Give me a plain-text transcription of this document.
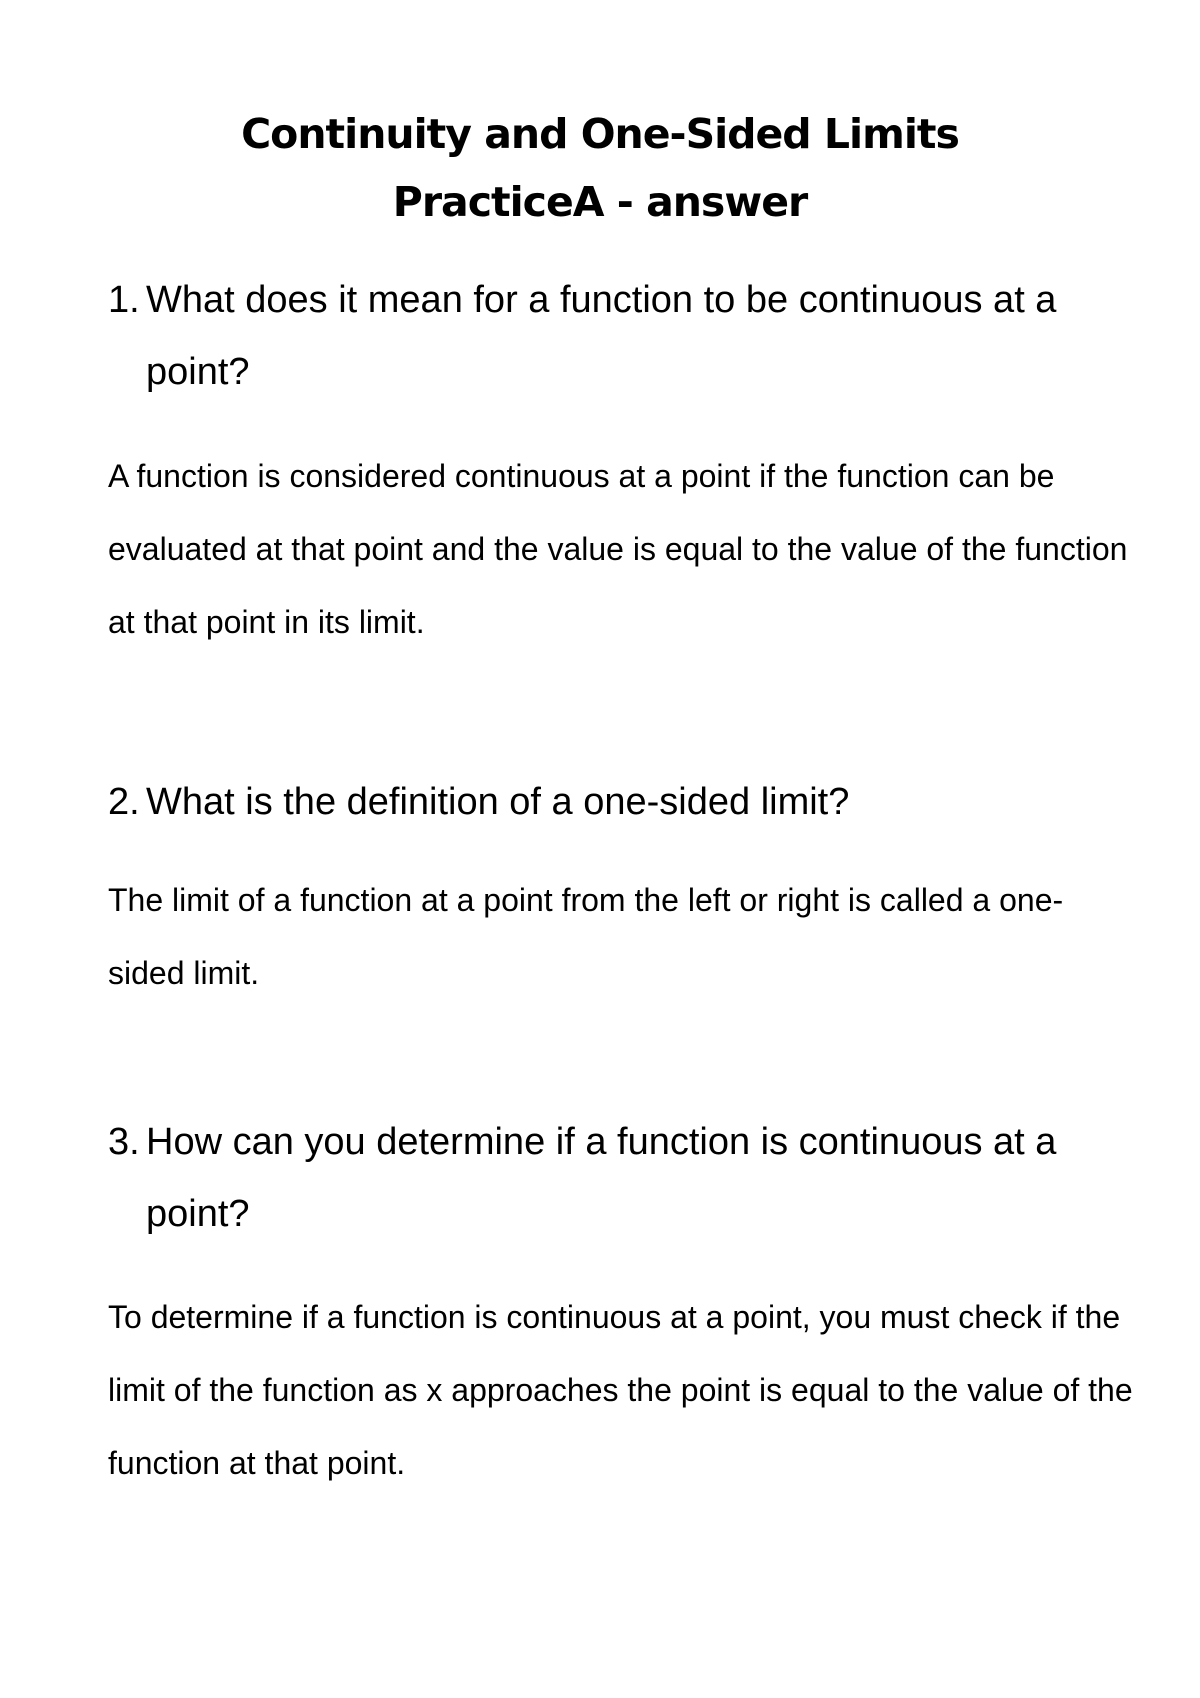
Continuity and One-Sided Limits
PracticeA - answer
1. What does it mean for a function to be continuous at a point?
A function is considered continuous at a point if the function can be evaluated at that point and the value is equal to the value of the function at that point in its limit.
2. What is the definition of a one-sided limit?
The limit of a function at a point from the left or right is called a one-sided limit.
3. How can you determine if a function is continuous at a point?
To determine if a function is continuous at a point, you must check if the limit of the function as x approaches the point is equal to the value of the function at that point.
